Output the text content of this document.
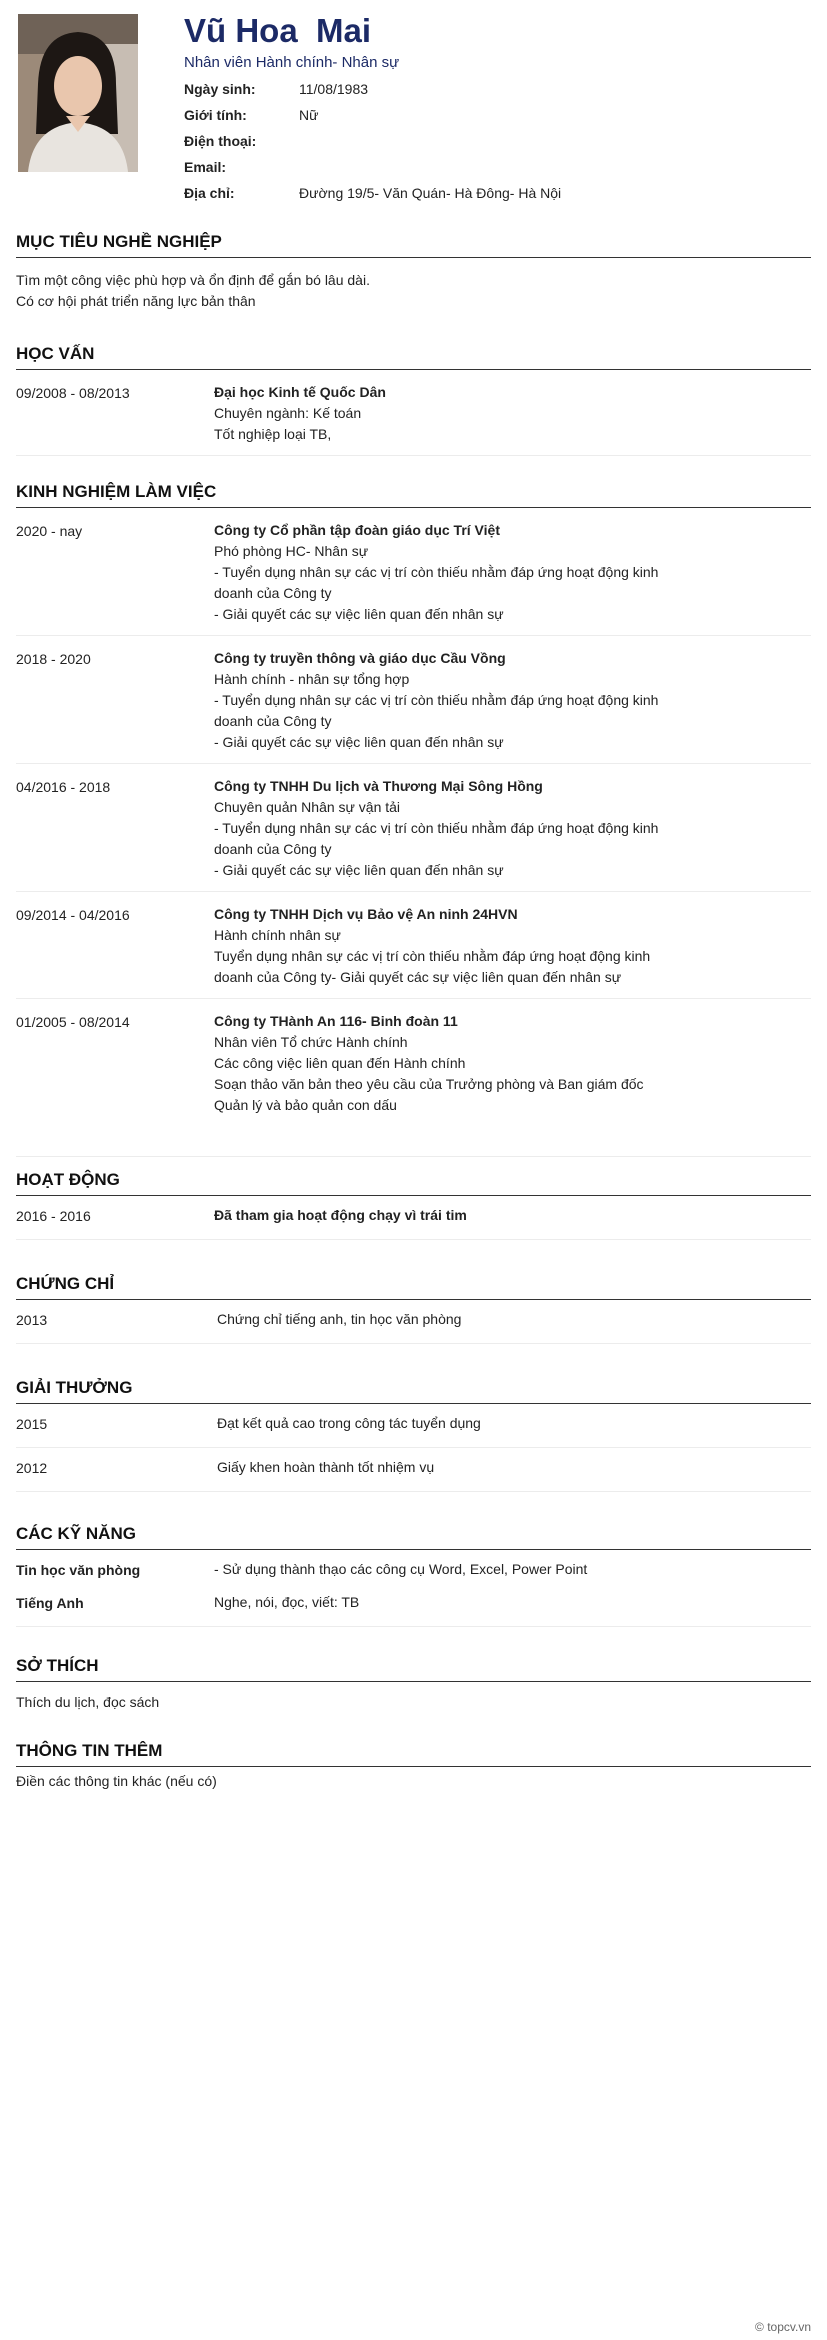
Vũ Hoa  Mai
Nhân viên Hành chính- Nhân sự
Ngày sinh:	11/08/1983
Giới tính:	Nữ
Điện thoại:
Email:
Địa chỉ:	Đường 19/5- Văn Quán- Hà Đông- Hà Nội
MỤC TIÊU NGHỀ NGHIỆP
Tìm một công việc phù hợp và ổn định để gắn bó lâu dài.
Có cơ hội phát triển năng lực bản thân
HỌC VẤN
09/2008 - 08/2013	Đại học Kinh tế Quốc Dân
Chuyên ngành: Kế toán
Tốt nghiệp loại TB,
KINH NGHIỆM LÀM VIỆC
2020 - nay	Công ty Cổ phần tập đoàn giáo dục Trí Việt
Phó phòng HC- Nhân sự
- Tuyển dụng nhân sự các vị trí còn thiếu nhằm đáp ứng hoạt động kinh
doanh của Công ty
- Giải quyết các sự việc liên quan đến nhân sự
2018 - 2020	Công ty truyền thông và giáo dục Cầu Vồng
Hành chính - nhân sự tổng hợp
- Tuyển dụng nhân sự các vị trí còn thiếu nhằm đáp ứng hoạt động kinh
doanh của Công ty
- Giải quyết các sự việc liên quan đến nhân sự
04/2016 - 2018	Công ty TNHH Du lịch và Thương Mại Sông Hồng
Chuyên quản Nhân sự vận tải
- Tuyển dụng nhân sự các vị trí còn thiếu nhằm đáp ứng hoạt động kinh
doanh của Công ty
- Giải quyết các sự việc liên quan đến nhân sự
09/2014 - 04/2016	Công ty TNHH Dịch vụ Bảo vệ An ninh 24HVN
Hành chính nhân sự
Tuyển dụng nhân sự các vị trí còn thiếu nhằm đáp ứng hoạt động kinh
doanh của Công ty- Giải quyết các sự việc liên quan đến nhân sự
01/2005 - 08/2014	Công ty THành An 116- Binh đoàn 11
Nhân viên Tổ chức Hành chính
Các công việc liên quan đến Hành chính
Soạn thảo văn bản theo yêu cầu của Trưởng phòng và Ban giám đốc
Quản lý và bảo quản con dấu
HOẠT ĐỘNG
2016 - 2016	Đã tham gia hoạt động chạy vì trái tim
CHỨNG CHỈ
2013	Chứng chỉ tiếng anh, tin học văn phòng
GIẢI THƯỞNG
2015	Đạt kết quả cao trong công tác tuyển dụng
2012	Giấy khen hoàn thành tốt nhiệm vụ
CÁC KỸ NĂNG
Tin học văn phòng	- Sử dụng thành thạo các công cụ Word, Excel, Power Point
Tiếng Anh	Nghe, nói, đọc, viết: TB
SỞ THÍCH
Thích du lịch, đọc sách
THÔNG TIN THÊM
Điền các thông tin khác (nếu có)
© topcv.vn
